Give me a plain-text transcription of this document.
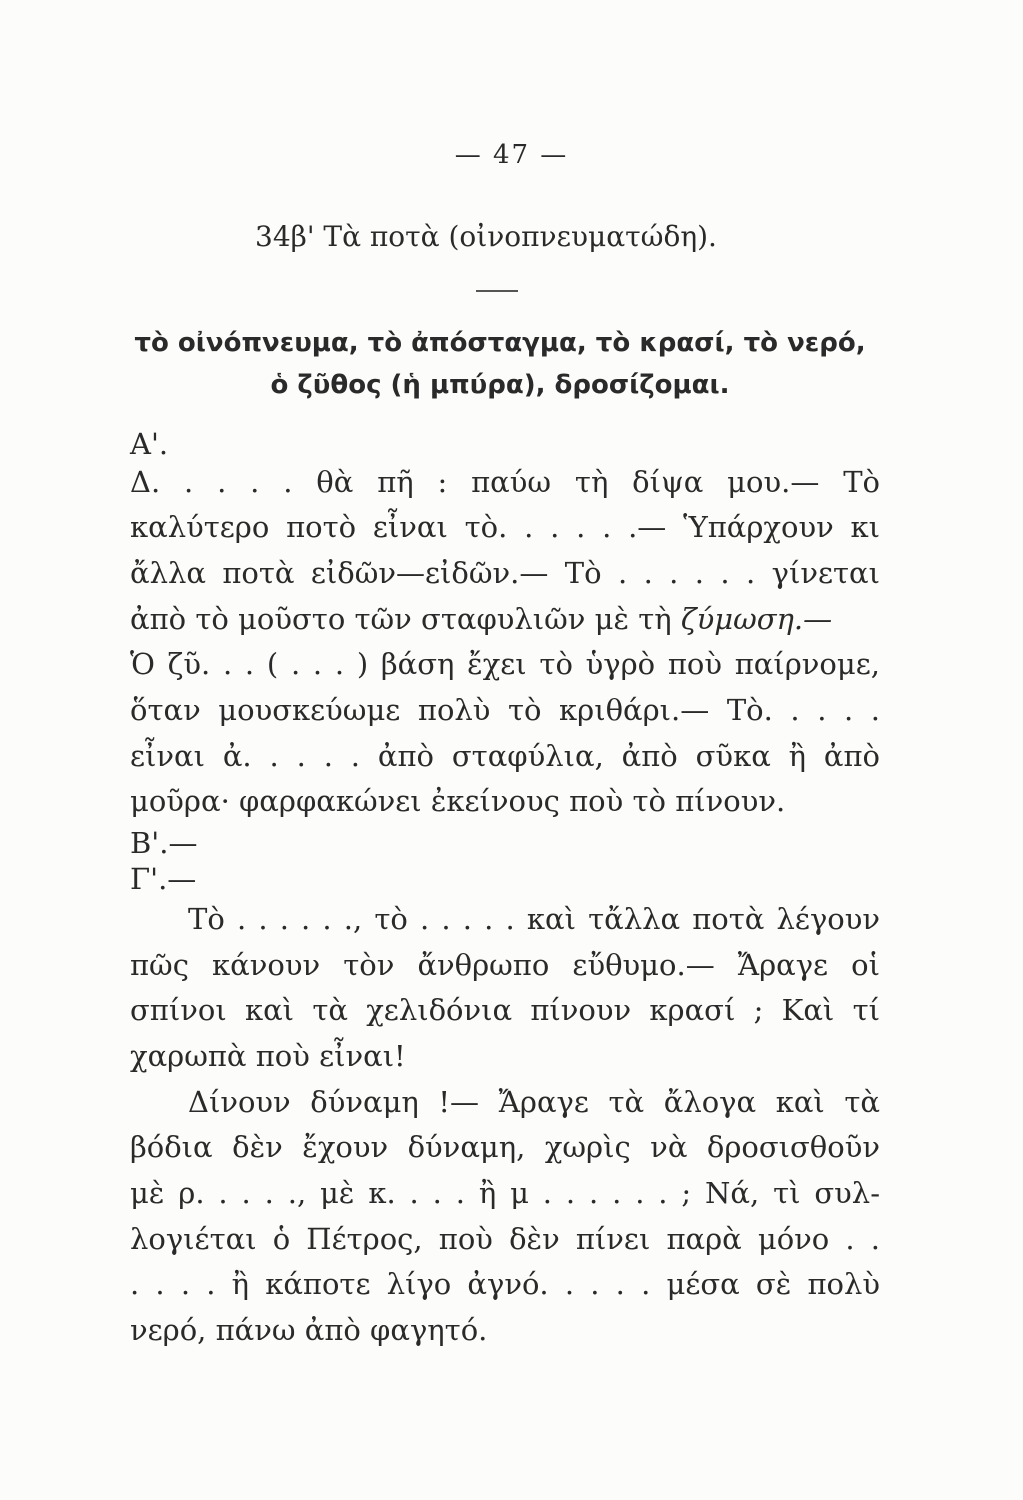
— 47 —
34β' Τὰ ποτὰ (οἰνοπνευματώδη).
τὸ οἰνόπνευμα, τὸ ἀπόσταγμα, τὸ κρασί, τὸ νερό,
ὁ ζῦθος (ἡ μπύρα), δροσίζομαι.
Α'.
Δ. . . . . θὰ πῆ : παύω τὴ δίψα μου.— Τὸ
καλύτερο ποτὸ εἶναι τὸ. . . . . .— Ὑπάρχουν κι
ἄλλα ποτὰ εἰδῶν—εἰδῶν.— Τὸ . . . . . . γίνεται
ἀπὸ τὸ μοῦστο τῶν σταφυλιῶν μὲ τὴ ζύμωση.—
Ὁ ζῦ. . . ( . . . ) βάση ἔχει τὸ ὑγρὸ ποὺ παίρνομε,
ὅταν μουσκεύωμε πολὺ τὸ κριθάρι.— Τὸ. . . . .
εἶναι ἀ. . . . . ἀπὸ σταφύλια, ἀπὸ σῦκα ἢ ἀπὸ
μοῦρα· φαρφακώνει ἐκείνους ποὺ τὸ πίνουν.
Β'.—
Γ'.—
Τὸ . . . . . ., τὸ . . . . . καὶ τἄλλα ποτὰ λέγουν
πῶς κάνουν τὸν ἄνθρωπο εὔθυμο.— Ἄραγε οἱ
σπίνοι καὶ τὰ χελιδόνια πίνουν κρασί ; Καὶ τί
χαρωπὰ ποὺ εἶναι!
Δίνουν δύναμη !— Ἄραγε τὰ ἄλογα καὶ τὰ
βόδια δὲν ἔχουν δύναμη, χωρὶς νὰ δροσισθοῦν
μὲ ρ. . . . ., μὲ κ. . . . ἢ μ . . . . . . ; Νά, τὶ συλ-
λογιέται ὁ Πέτρος, ποὺ δὲν πίνει παρὰ μόνο . .
. . . . ἢ κάποτε λίγο ἀγνό. . . . . μέσα σὲ πολὺ
νερό, πάνω ἀπὸ φαγητό.
